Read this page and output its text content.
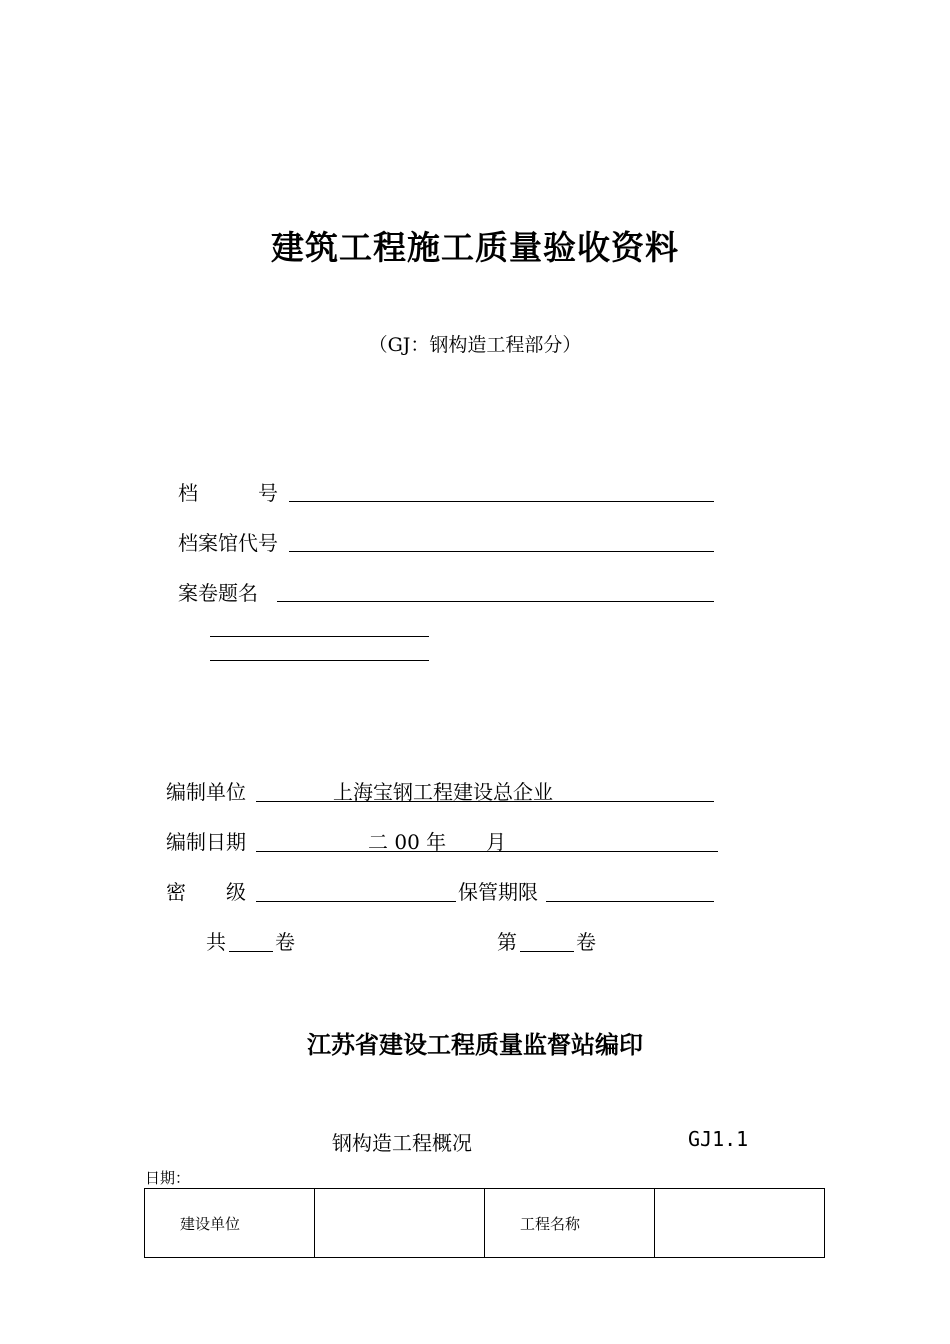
建筑工程施工质量验收资料
（GJ：钢构造工程部分）
档　　　号
档案馆代号
案卷题名
编制单位	上海宝钢工程建设总企业
编制日期	二 00 年　　月
密　　级	保管期限
共 卷	第	卷
江苏省建设工程质量监督站编印
钢构造工程概况	GJ1.1
日期：
建设单位		工程名称	
